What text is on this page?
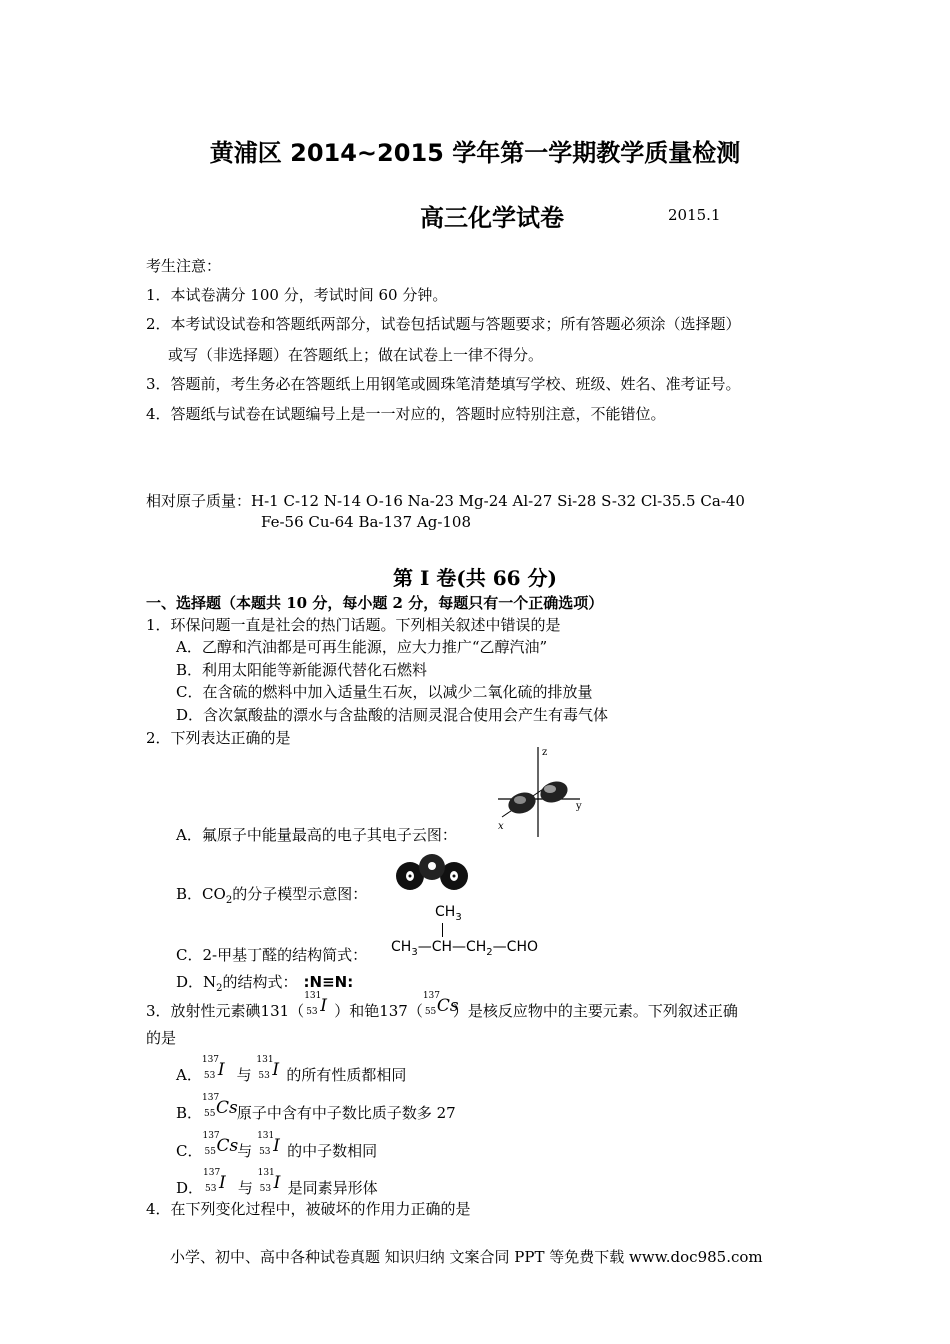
黄浦区 2014~2015 学年第一学期教学质量检测
高三化学试卷	2015.1
考生注意：
1．本试卷满分 100 分，考试时间 60 分钟。
2．本考试设试卷和答题纸两部分，试卷包括试题与答题要求；所有答题必须涂（选择题）
或写（非选择题）在答题纸上；做在试卷上一律不得分。
3．答题前，考生务必在答题纸上用钢笔或圆珠笔清楚填写学校、班级、姓名、准考证号。
4．答题纸与试卷在试题编号上是一一对应的，答题时应特别注意，不能错位。
相对原子质量：H-1 C-12 N-14 O-16 Na-23 Mg-24 Al-27 Si-28 S-32 Cl-35.5 Ca-40
Fe-56 Cu-64 Ba-137 Ag-108
第 I 卷(共 66 分)
一、选择题（本题共 10 分，每小题 2 分，每题只有一个正确选项）
1．环保问题一直是社会的热门话题。下列相关叙述中错误的是
A．乙醇和汽油都是可再生能源，应大力推广“乙醇汽油”
B．利用太阳能等新能源代替化石燃料
C．在含硫的燃料中加入适量生石灰，以减少二氧化硫的排放量
D．含次氯酸盐的漂水与含盐酸的洁厕灵混合使用会产生有毒气体
2．下列表达正确的是
z
y
x
A．氟原子中能量最高的电子其电子云图：
B．$CO_2$的分子模型示意图：
$CH_3$
$CH_3—CH—CH_2—CHO$
C．2-甲基丁醛的结构简式：
D．$N_2$的结构式： :N≡N:
3．放射性元素碘131（
131
53 I ）和铯137（
137
55 Cs
）是核反应物中的主要元素。下列叙述正确
的是
A．
137
53 I 与
131
53 I 的所有性质都相同
B．
137
55 Cs 原子中含有中子数比质子数多 27
C．
137
55 Cs 与
131
53 I 的中子数相同
D．
137
53 I 与
131
53 I 是同素异形体
4．在下列变化过程中，被破坏的作用力正确的是
小学、初中、高中各种试卷真题 知识归纳 文案合同 PPT 等免费下载 www.doc985.com
